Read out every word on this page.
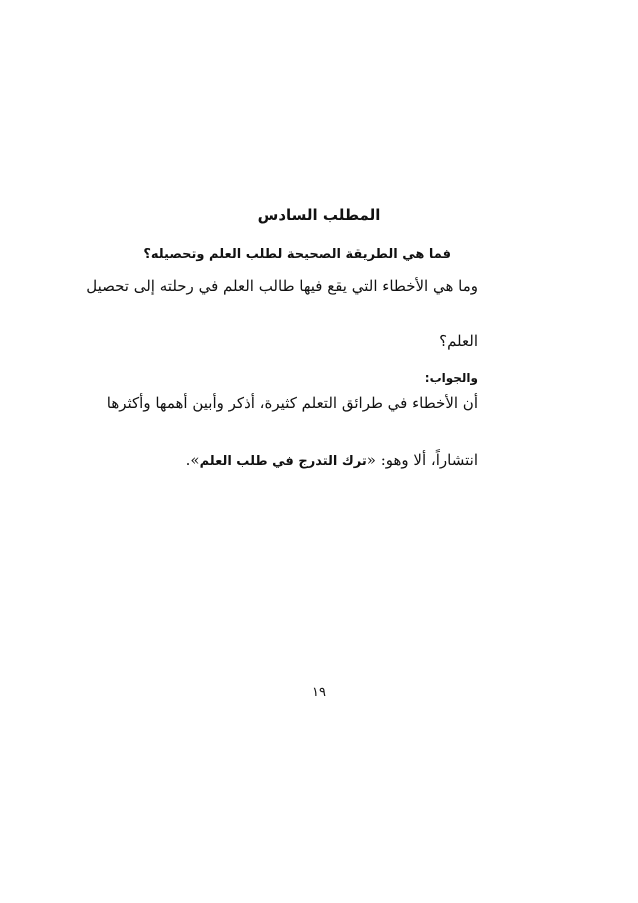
المطلب السادس
فما هي الطريقة الصحيحة لطلب العلم وتحصيله؟
وما هي الأخطاء التي يقع فيها طالب العلم في رحلته إلى تحصيل
العلم؟
والجواب:
أن الأخطاء في طرائق التعلم كثيرة، أذكر وأبين أهمها وأكثرها
انتشاراً، ألا وهو: «ترك التدرج في طلب العلم».
١٩
